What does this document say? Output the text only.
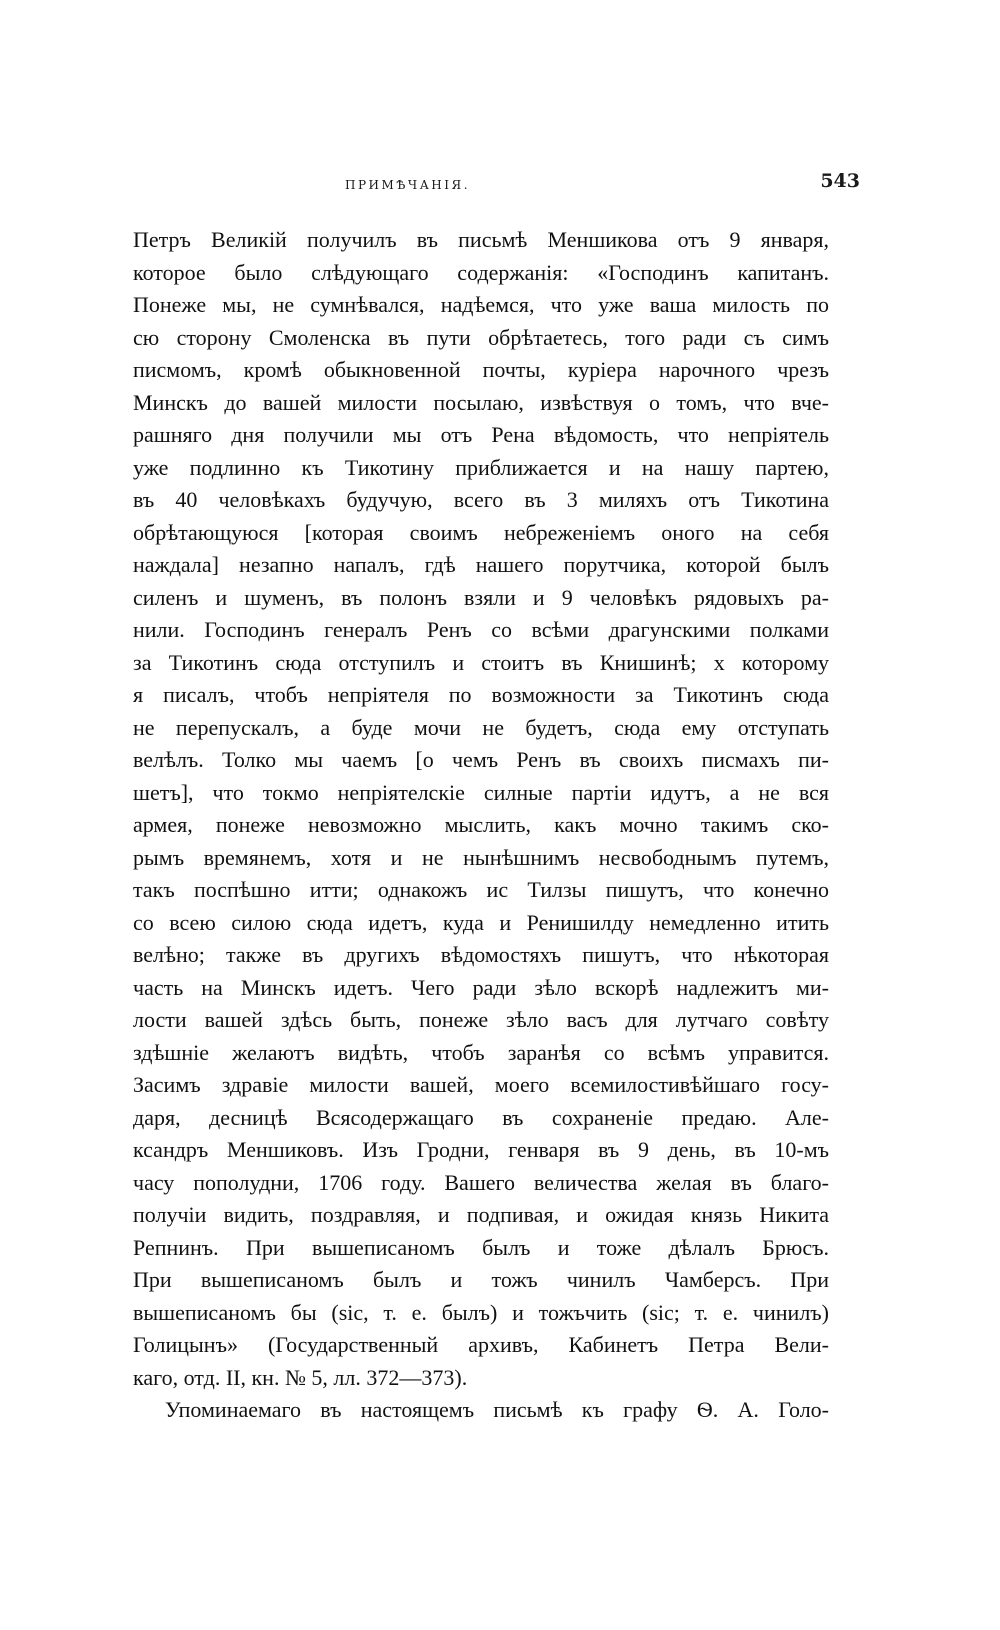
ПРИМѢЧАНІЯ.	543
Петръ Великій получилъ въ письмѣ Меншикова отъ 9 января,
которое было слѣдующаго содержанія: «Господинъ капитанъ.
Понеже мы, не сумнѣвался, надѣемся, что уже ваша милость по
сю сторону Смоленска въ пути обрѣтаетесь, того ради съ симъ
писмомъ, кромѣ обыкновенной почты, куріера нарочного чрезъ
Минскъ до вашей милости посылаю, извѣствуя о томъ, что вче-
рашняго дня получили мы отъ Рена вѣдомость, что непріятель
уже подлинно къ Тикотину приближается и на нашу партею,
въ 40 человѣкахъ будучую, всего въ 3 миляхъ отъ Тикотина
обрѣтающуюся [которая своимъ небреженіемъ оного на себя
наждала] незапно напалъ, гдѣ нашего порутчика, которой былъ
силенъ и шуменъ, въ полонъ взяли и 9 человѣкъ рядовыхъ ра-
нили. Господинъ генералъ Ренъ со всѣми драгунскими полками
за Тикотинъ сюда отступилъ и стоитъ въ Книшинѣ; х которому
я писалъ, чтобъ непріятеля по возможности за Тикотинъ сюда
не перепускалъ, а буде мочи не будетъ, сюда ему отступать
велѣлъ. Толко мы чаемъ [о чемъ Ренъ въ своихъ писмахъ пи-
шетъ], что токмо непріятелскіе силные партіи идутъ, а не вся
армея, понеже невозможно мыслить, какъ мочно такимъ ско-
рымъ времянемъ, хотя и не нынѣшнимъ несвободнымъ путемъ,
такъ поспѣшно итти; однакожъ ис Тилзы пишутъ, что конечно
со всею силою сюда идетъ, куда и Ренишилду немедленно итить
велѣно; также въ другихъ вѣдомостяхъ пишутъ, что нѣкоторая
часть на Минскъ идетъ. Чего ради зѣло вскорѣ надлежитъ ми-
лости вашей здѣсь быть, понеже зѣло васъ для лутчаго совѣту
здѣшніе желаютъ видѣть, чтобъ заранѣя со всѣмъ управится.
Засимъ здравіе милости вашей, моего всемилостивѣйшаго госу-
даря, десницѣ Всясодержащаго въ сохраненіе предаю. Але-
ксандръ Меншиковъ. Изъ Гродни, генваря въ 9 день, въ 10-мъ
часу пополудни, 1706 году. Вашего величества желая въ благо-
получіи видить, поздравляя, и подпивая, и ожидая князь Никита
Репнинъ. При вышеписаномъ былъ и тоже дѣлалъ Брюсъ.
При вышеписаномъ былъ и тожъ чинилъ Чамберсъ. При
вышеписаномъ бы (sic, т. е. былъ) и тожъчить (sic; т. е. чинилъ)
Голицынъ» (Государственный архивъ, Кабинетъ Петра Вели-
каго, отд. II, кн. № 5, лл. 372—373).
Упоминаемаго въ настоящемъ письмѣ къ графу Ѳ. А. Голо-
